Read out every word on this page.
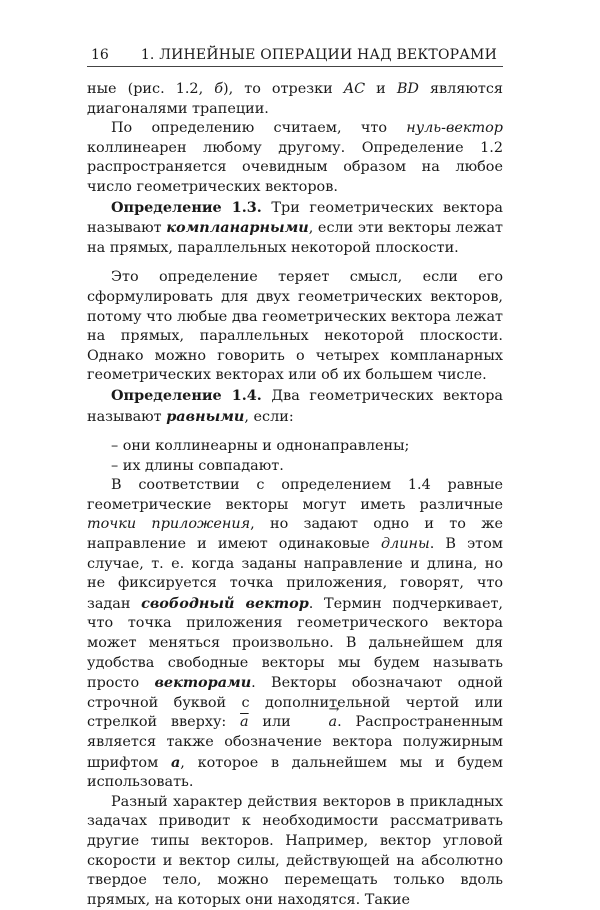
16 1. ЛИНЕЙНЫЕ ОПЕРАЦИИ НАД ВЕКТОРАМИ

ные (рис. 1.2, б), то отрезки AC и BD являются диагоналями трапеции.

По определению считаем, что нуль-вектор коллинеарен любому другому. Определение 1.2 распространяется очевидным образом на любое число геометрических векторов.

Определение 1.3. Три геометрических вектора называют компланарными, если эти векторы лежат на прямых, параллельных некоторой плоскости.

Это определение теряет смысл, если его сформулировать для двух геометрических векторов, потому что любые два геометрических вектора лежат на прямых, параллельных некоторой плоскости. Однако можно говорить о четырех компланарных геометрических векторах или об их большем числе.

Определение 1.4. Два геометрических вектора называют равными, если:

– они коллинеарны и однонаправлены;

– их длины совпадают.

В соответствии с определением 1.4 равные геометрические векторы могут иметь различные точки приложения, но задают одно и то же направление и имеют одинаковые длины. В этом случае, т. е. когда заданы направление и длина, но не фиксируется точка приложения, говорят, что задан свободный вектор. Термин подчеркивает, что точка приложения геометрического вектора может меняться произвольно. В дальнейшем для удобства свободные векторы мы будем называть просто векторами. Векторы обозначают одной строчной буквой с дополнительной чертой или стрелкой вверху: $\overline{a}$ или → a. Распространенным является также обозначение вектора полужирным шрифтом a, которое в дальнейшем мы и будем использовать.

Разный характер действия векторов в прикладных задачах приводит к необходимости рассматривать другие типы векторов. Например, вектор угловой скорости и вектор силы, действующей на абсолютно твердое тело, можно перемещать только вдоль прямых, на которых они находятся. Такие
